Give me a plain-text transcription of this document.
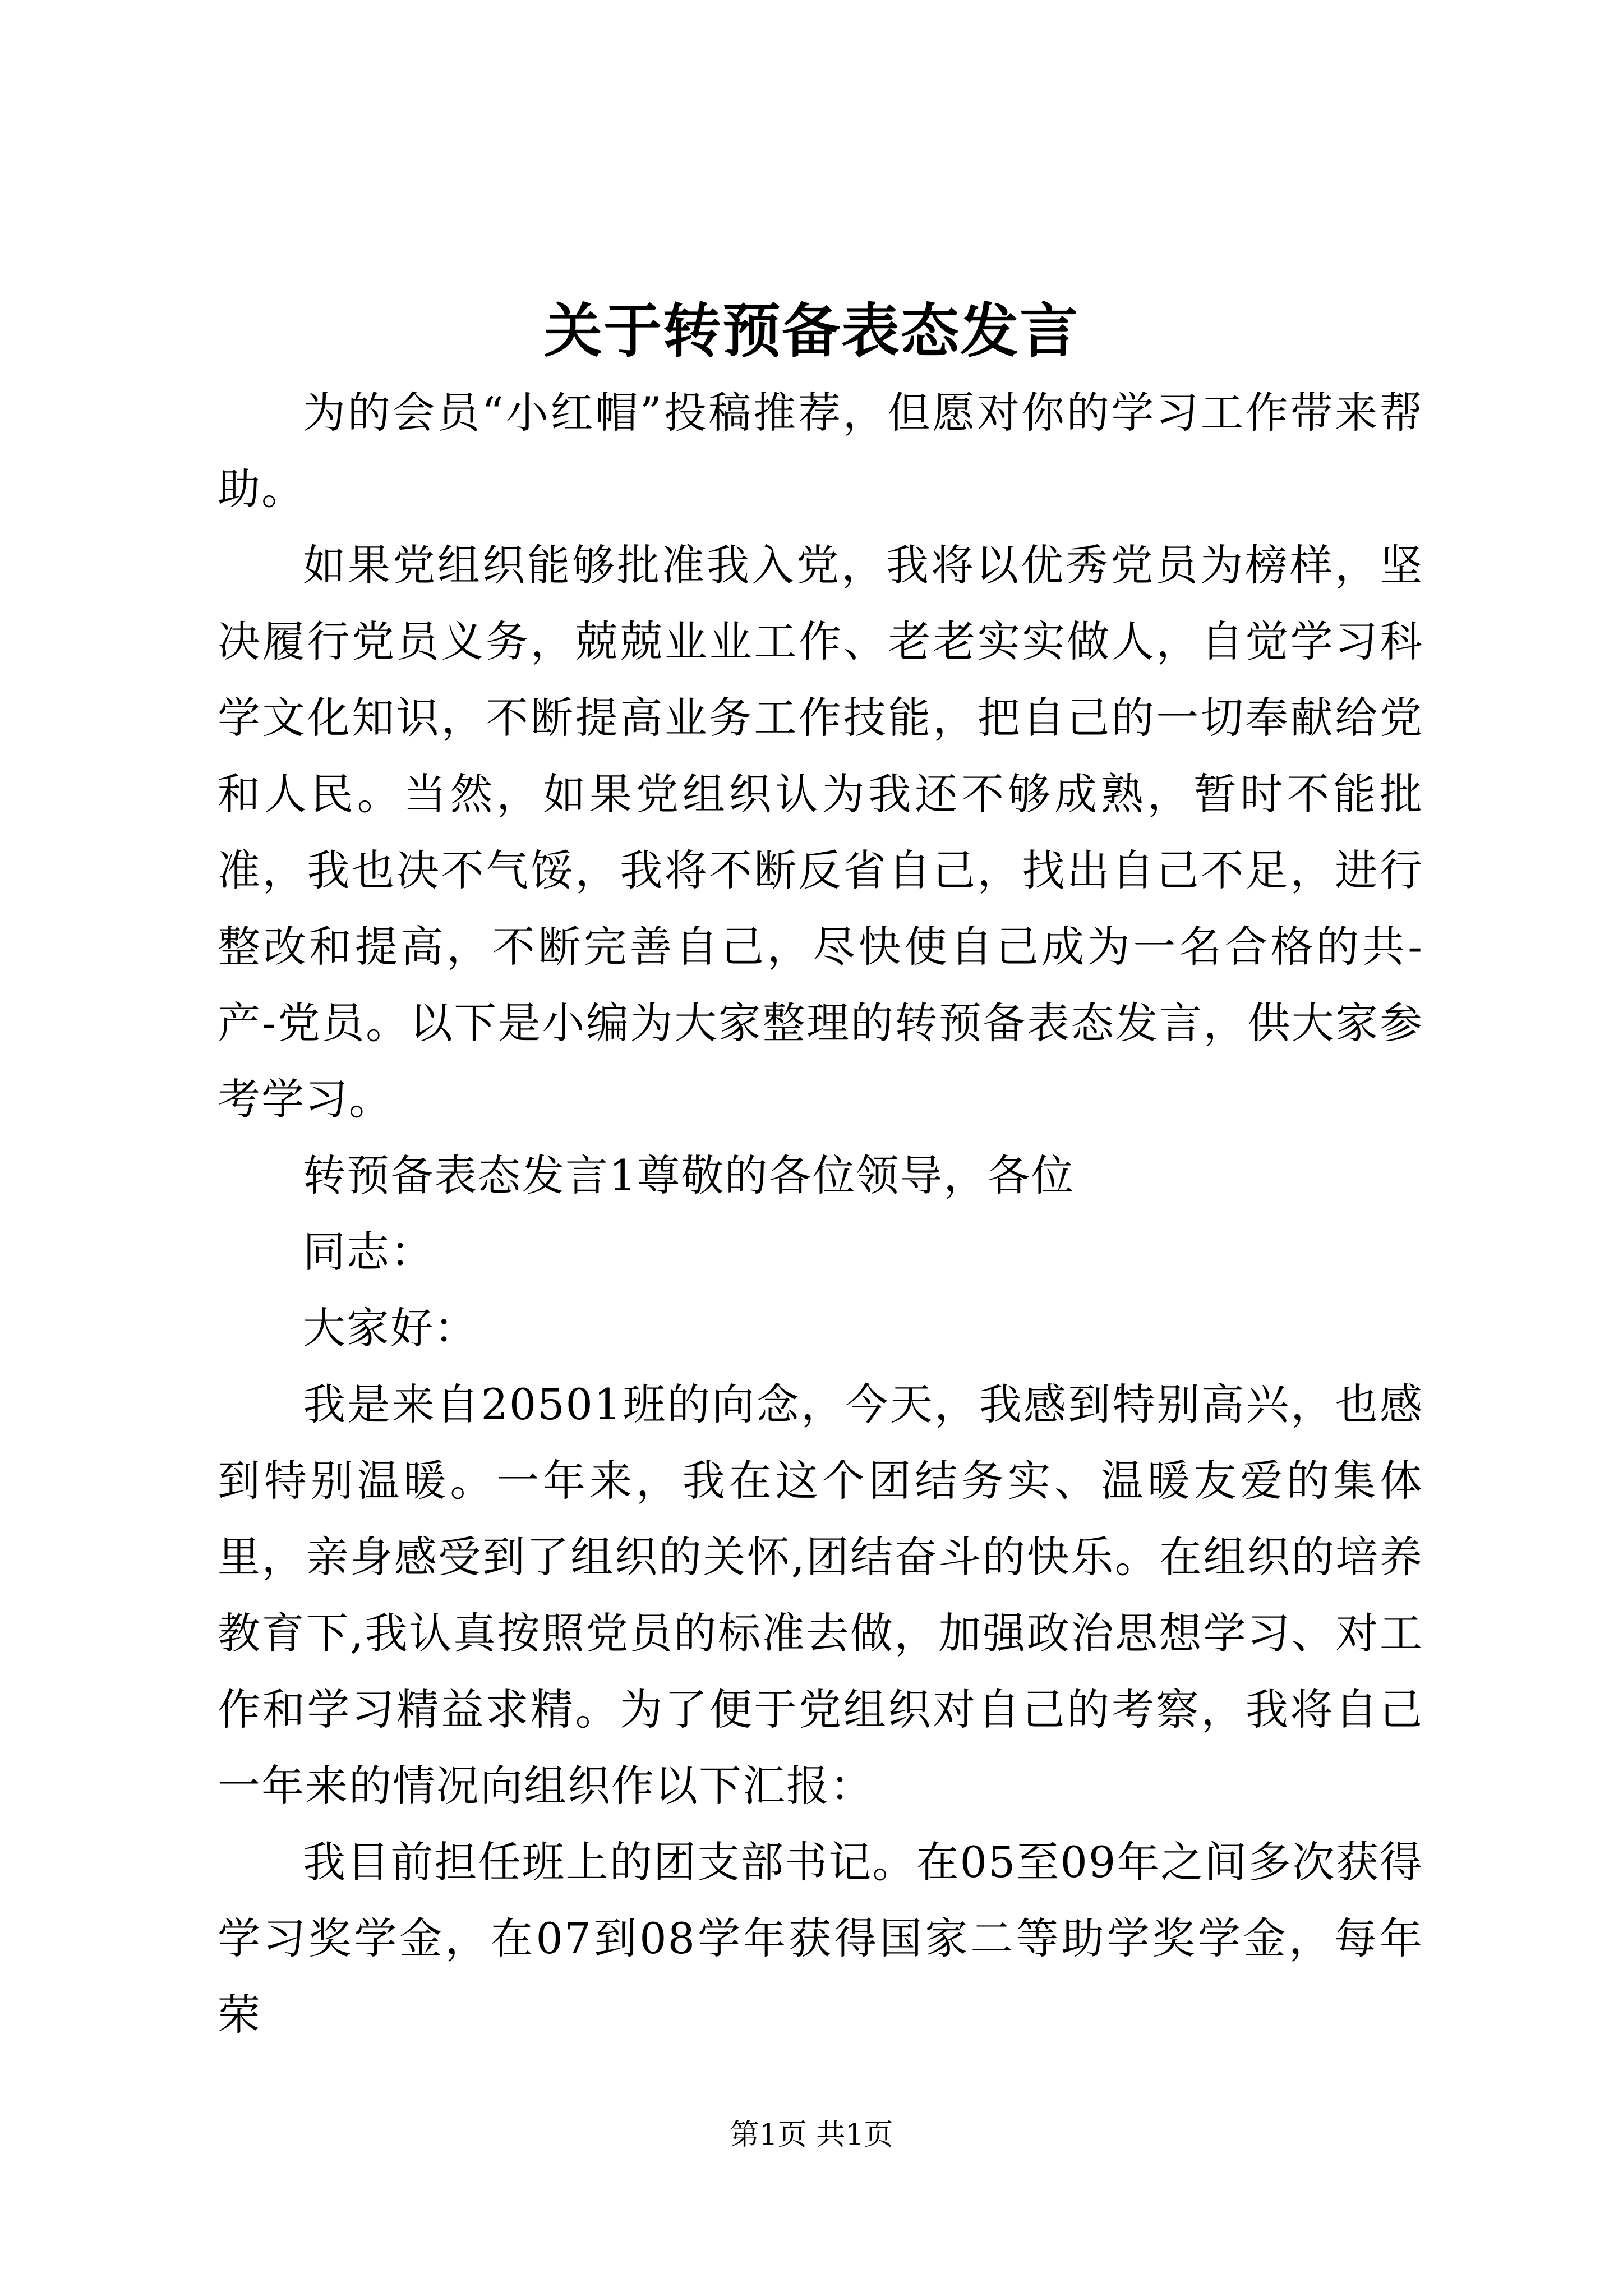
关于转预备表态发言

为的会员“小红帽”投稿推荐，但愿对你的学习工作带来帮助。

如果党组织能够批准我入党，我将以优秀党员为榜样，坚决履行党员义务，兢兢业业工作、老老实实做人，自觉学习科学文化知识，不断提高业务工作技能，把自己的一切奉献给党和人民。当然，如果党组织认为我还不够成熟，暂时不能批准，我也决不气馁，我将不断反省自己，找出自己不足，进行整改和提高，不断完善自己，尽快使自己成为一名合格的共-产-党员。以下是小编为大家整理的转预备表态发言，供大家参考学习。

转预备表态发言1尊敬的各位领导，各位

同志：

大家好：

我是来自20501班的向念，今天，我感到特别高兴，也感到特别温暖。一年来，我在这个团结务实、温暖友爱的集体里，亲身感受到了组织的关怀,团结奋斗的快乐。在组织的培养教育下,我认真按照党员的标准去做，加强政治思想学习、对工作和学习精益求精。为了便于党组织对自己的考察，我将自己一年来的情况向组织作以下汇报：

我目前担任班上的团支部书记。在05至09年之间多次获得学习奖学金，在07到08学年获得国家二等助学奖学金，每年荣

第1页 共1页
